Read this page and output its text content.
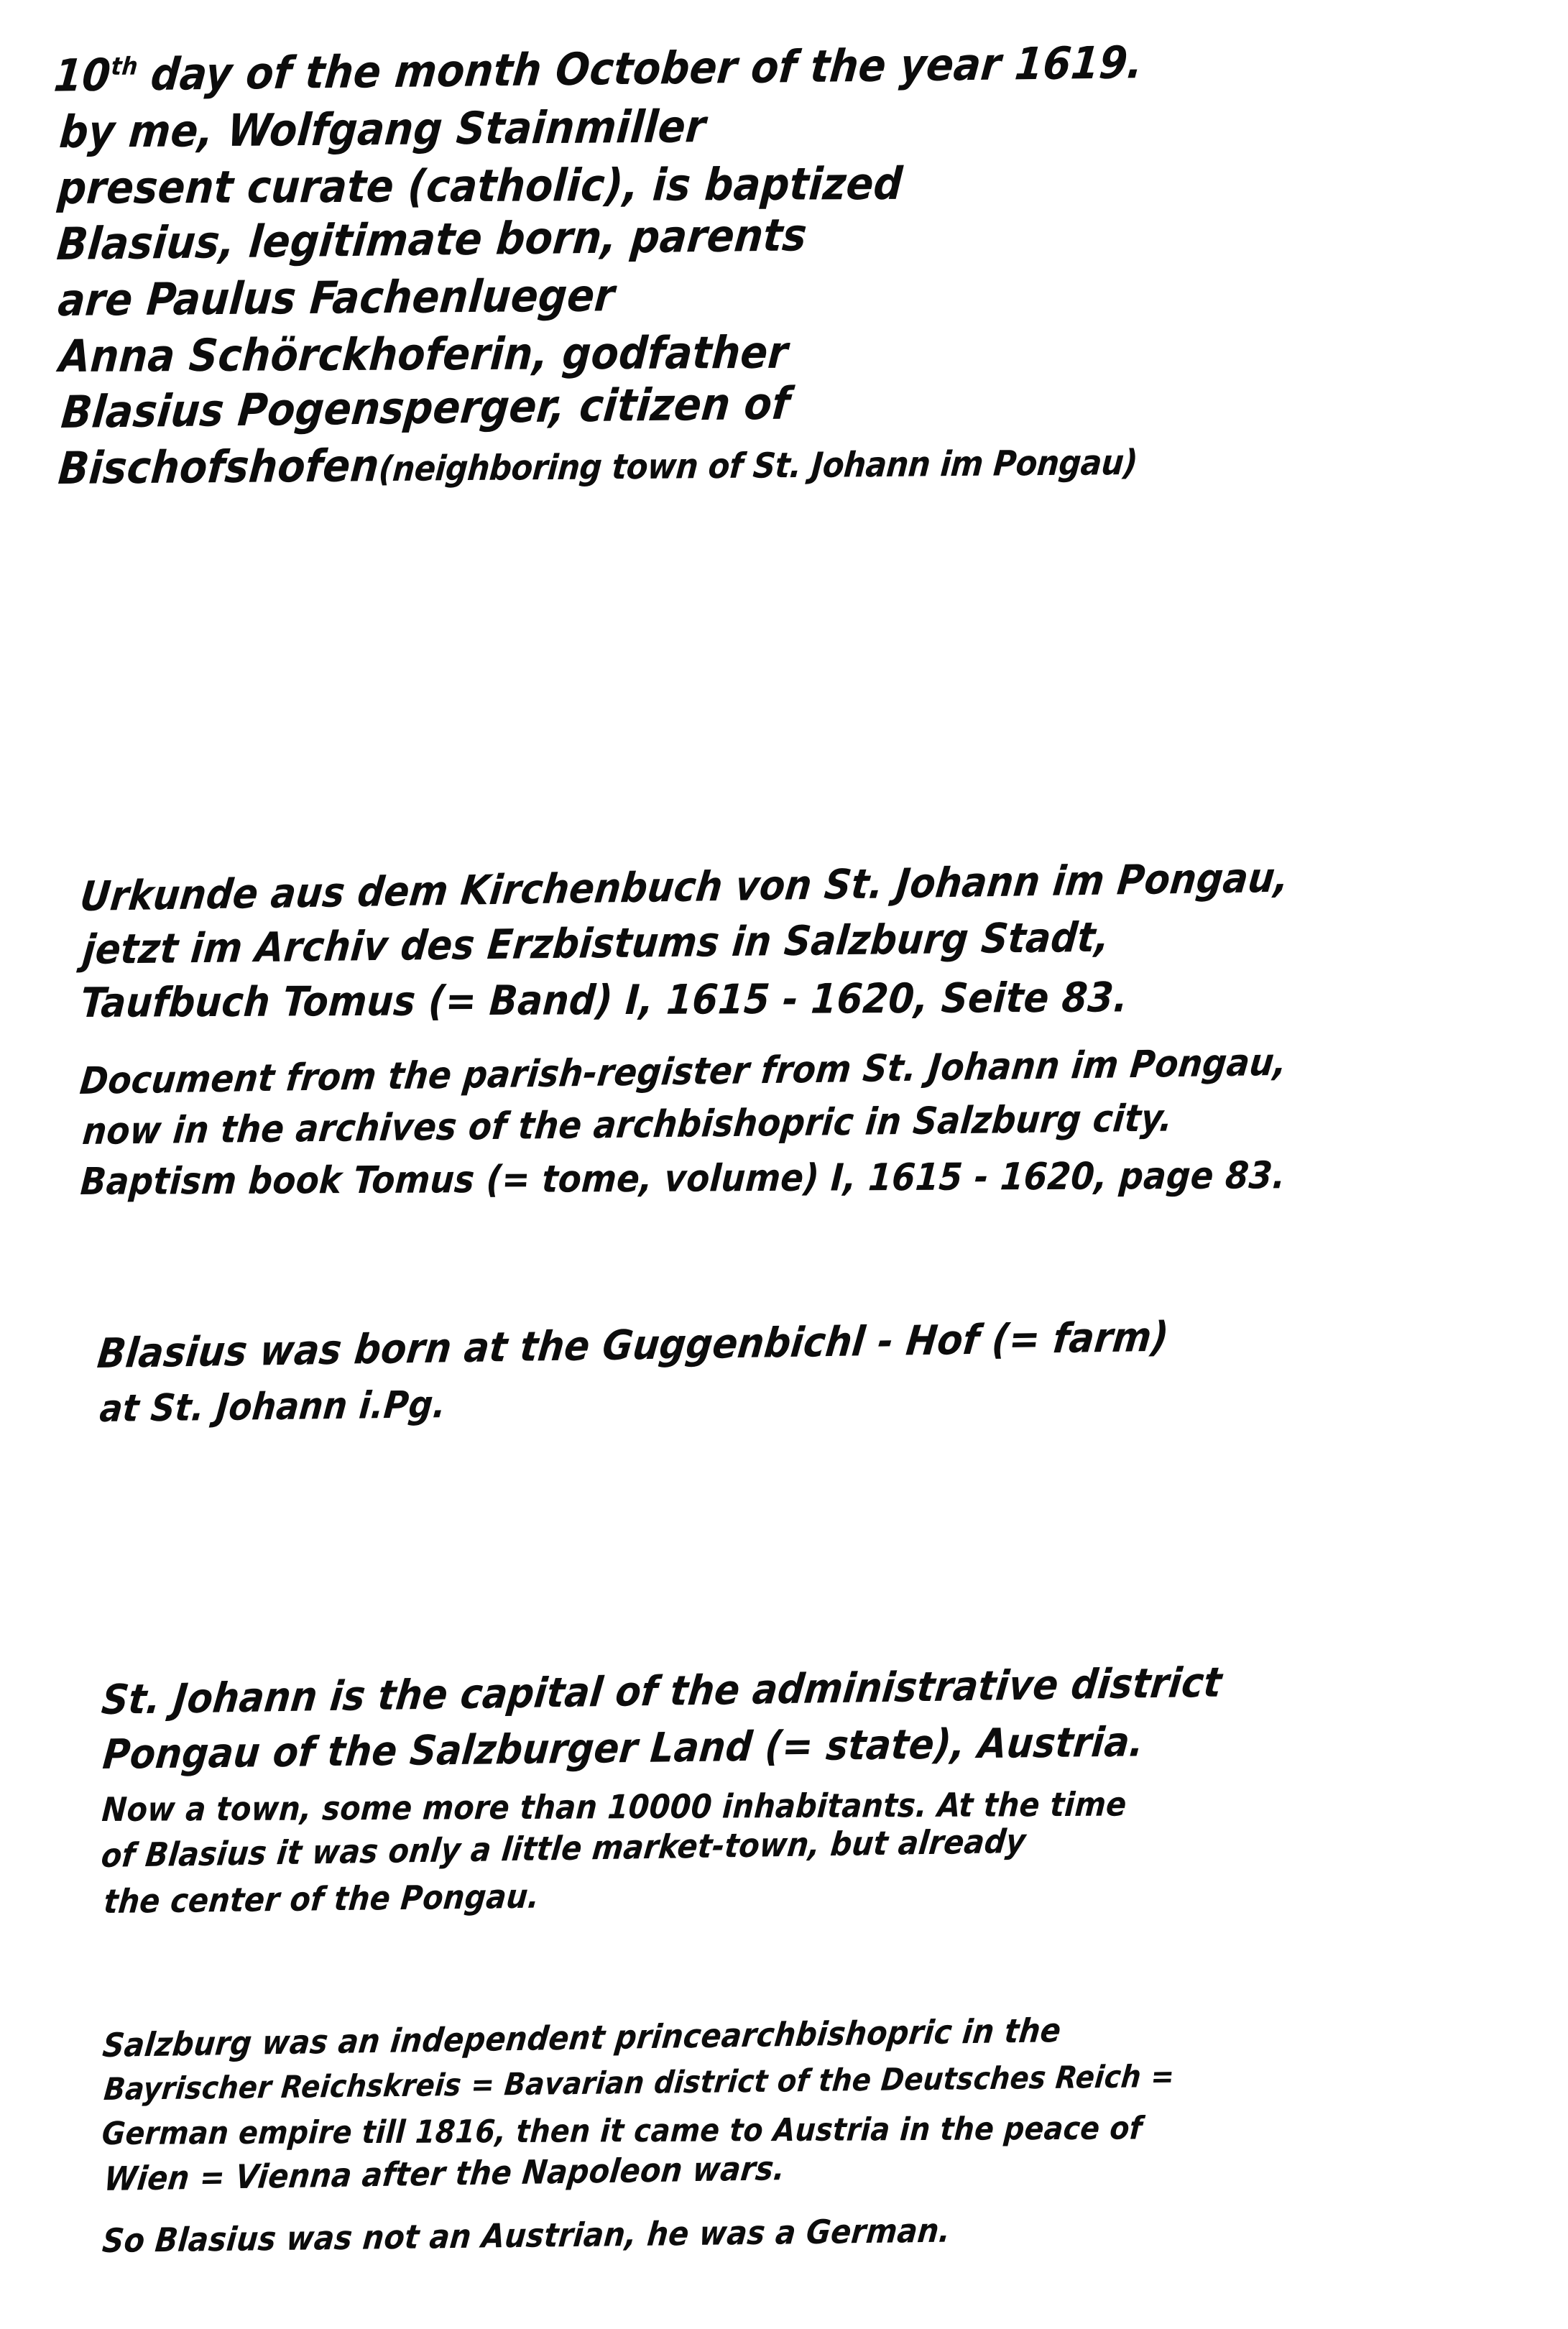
10th day of the month October of the year 1619.
by me, Wolfgang Stainmiller
present curate (catholic), is baptized
Blasius, legitimate born, parents
are Paulus Fachenlueger
Anna Schörckhoferin, godfather
Blasius Pogensperger, citizen of
Bischofshofen(neighboring town of St. Johann im Pongau)
Urkunde aus dem Kirchenbuch von St. Johann im Pongau,
jetzt im Archiv des Erzbistums in Salzburg Stadt,
Taufbuch Tomus (= Band) I, 1615 - 1620, Seite 83.
Document from the parish-register from St. Johann im Pongau,
now in the archives of the archbishopric in Salzburg city.
Baptism book Tomus (= tome, volume) I, 1615 - 1620, page 83.
Blasius was born at the Guggenbichl - Hof (= farm)
at St. Johann i.Pg.
St. Johann is the capital of the administrative district
Pongau of the Salzburger Land (= state), Austria.
Now a town, some more than 10000 inhabitants. At the time
of Blasius it was only a little market-town, but already
the center of the Pongau.
Salzburg was an independent princearchbishopric in the
Bayrischer Reichskreis = Bavarian district of the Deutsches Reich =
German empire till 1816, then it came to Austria in the peace of
Wien = Vienna after the Napoleon wars.
So Blasius was not an Austrian, he was a German.
